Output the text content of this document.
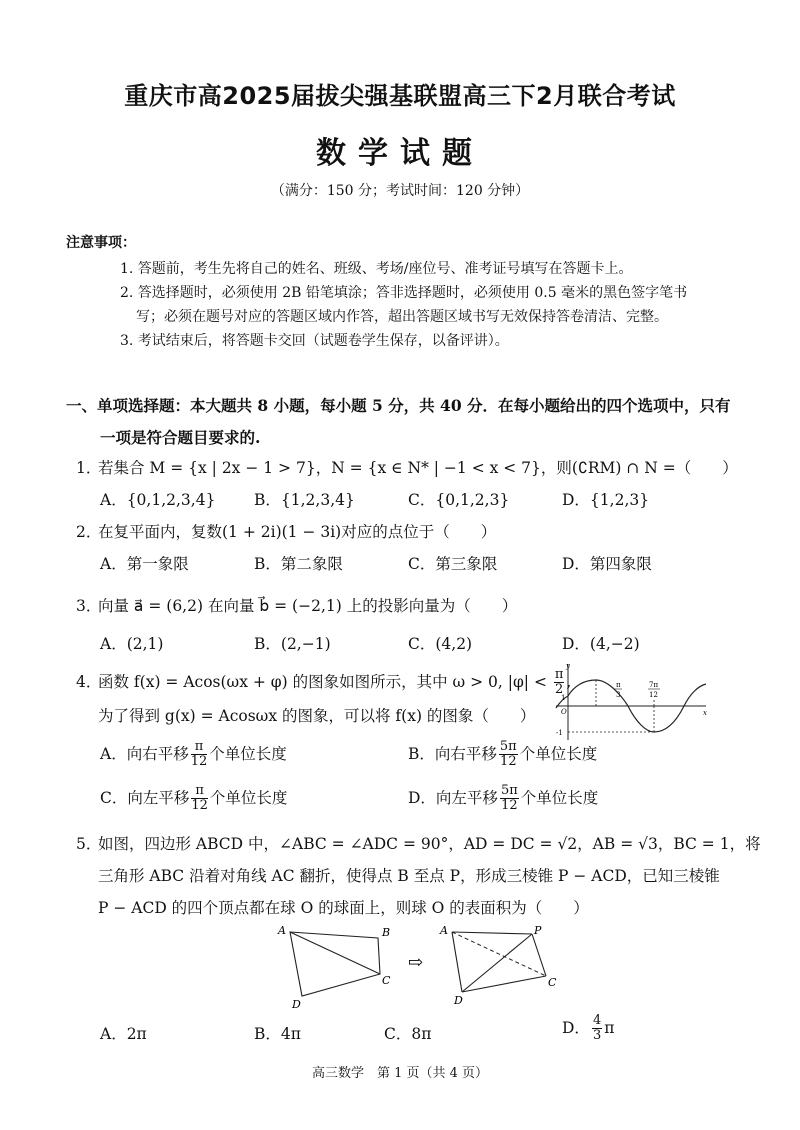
重庆市高2025届拔尖强基联盟高三下2月联合考试
数学试题
（满分：150 分；考试时间：120 分钟）
注意事项：
1. 答题前，考生先将自己的姓名、班级、考场/座位号、准考证号填写在答题卡上。
2. 答选择题时，必须使用 2B 铅笔填涂；答非选择题时，必须使用 0.5 毫米的黑色签字笔书
写；必须在题号对应的答题区域内作答，超出答题区域书写无效保持答卷清洁、完整。
3. 考试结束后，将答题卡交回（试题卷学生保存，以备评讲）。
一、单项选择题：本大题共 8 小题，每小题 5 分，共 40 分．在每小题给出的四个选项中，只有
一项是符合题目要求的.
1．若集合 M = {x | 2x − 1 > 7}，N = {x ∈ N* | −1 < x < 7}，则(∁RM) ∩ N =（　　）
A．{0,1,2,3,4} B．{1,2,3,4}	C．{0,1,2,3}	D．{1,2,3}
2．在复平面内，复数(1 + 2i)(1 − 3i)对应的点位于（　　）
A．第一象限	B．第二象限	C．第三象限	D．第四象限
3．向量 a⃗ = (6,2) 在向量 b⃗ = (−2,1) 上的投影向量为（　　）
A．(2,1)	B．(2,−1)	C．(4,2)	D．(4,−2)
4．函数 f(x) = Acos(ωx + φ) 的图象如图所示，其中 ω > 0, $|\varphi| < \frac{\pi}{2}$ ,
为了得到 g(x) = Acosωx 的图象，可以将 f(x) 的图象（　　）
y
x
O
1
-1
π
3
7π
12
A．向右平移 $\frac{\pi}{12}$ 个单位长度	B．向右平移 $\frac{5\pi}{12}$ 个单位长度
C．向左平移 $\frac{\pi}{12}$ 个单位长度	D．向左平移 $\frac{5\pi}{12}$ 个单位长度
5．如图，四边形 ABCD 中，∠ABC = ∠ADC = 90°，AD = DC = √2，AB = √3，BC = 1，将
三角形 ABC 沿着对角线 AC 翻折，使得点 B 至点 P，形成三棱锥 P − ACD，已知三棱锥
P − ACD 的四个顶点都在球 O 的球面上，则球 O 的表面积为（　　）
A	B
C
D
⇨
A	P
C
D
A．2π	B．4π	C．8π	D． $\frac{4}{3}$ π
高三数学　第 1 页（共 4 页）
